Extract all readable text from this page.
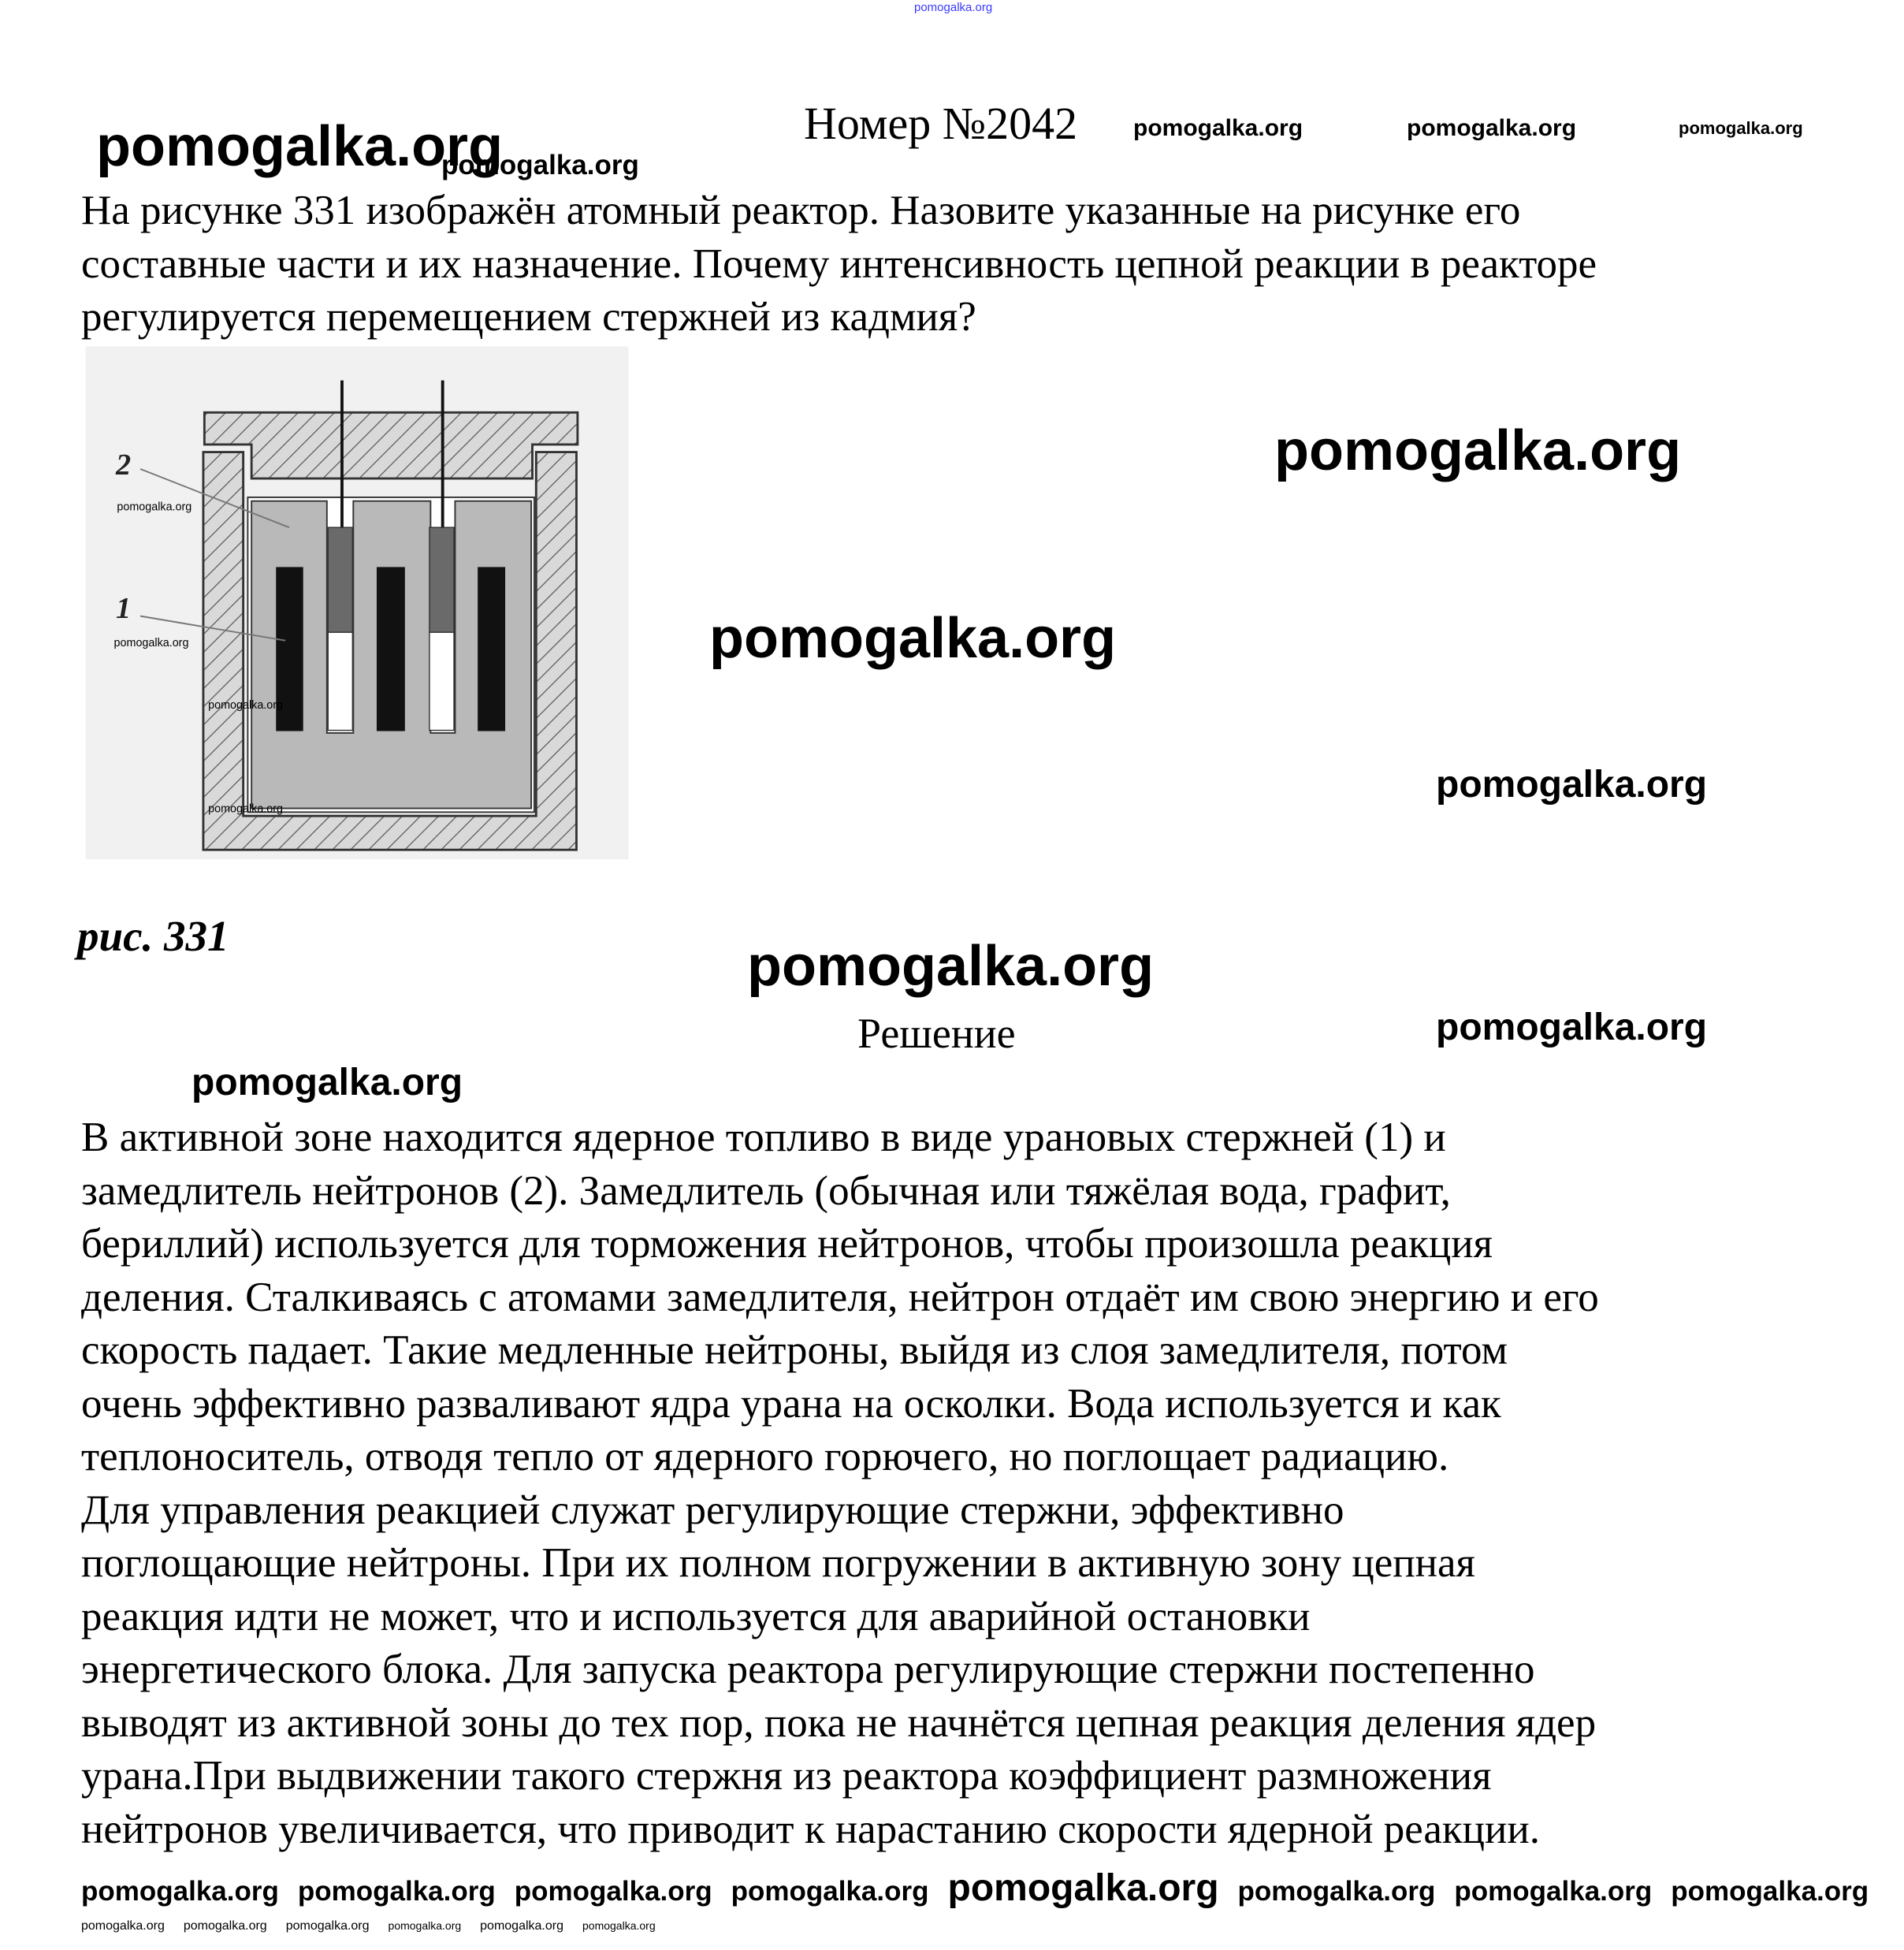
pomogalka.org
Номер №2042 pomogalka.org	pomogalka.org	pomogalka.org
pomogalka.org
pomogalka.org
На рисунке 331 изображён атомный реактор. Назовите указанные на рисунке его
составные части и их назначение. Почему интенсивность цепной реакции в реакторе
регулируется перемещением стержней из кадмия?
2
1
pomogalka.org
pomogalka.org
pomogalka.org
pomogalka.org
рис. 331
pomogalka.org
pomogalka.org
pomogalka.org
pomogalka.org
pomogalka.org
pomogalka.org
Решение
В активной зоне находится ядерное топливо в виде урановых стержней (1) и
замедлитель нейтронов (2). Замедлитель (обычная или тяжёлая вода, графит,
бериллий) используется для торможения нейтронов, чтобы произошла реакция
деления. Сталкиваясь с атомами замедлителя, нейтрон отдаёт им свою энергию и его
скорость падает. Такие медленные нейтроны, выйдя из слоя замедлителя, потом
очень эффективно разваливают ядра урана на осколки. Вода используется и как
теплоноситель, отводя тепло от ядерного горючего, но поглощает радиацию.
Для управления реакцией служат регулирующие стержни, эффективно
поглощающие нейтроны. При их полном погружении в активную зону цепная
реакция идти не может, что и используется для аварийной остановки
энергетического блока. Для запуска реактора регулирующие стержни постепенно
выводят из активной зоны до тех пор, пока не начнётся цепная реакция деления ядер
урана.При выдвижении такого стержня из реактора коэффициент размножения
нейтронов увеличивается, что приводит к нарастанию скорости ядерной реакции.
pomogalka.org pomogalka.org pomogalka.org pomogalka.org pomogalka.org pomogalka.org pomogalka.org pomogalka.org
pomogalka.org pomogalka.org pomogalka.org pomogalka.org pomogalka.org pomogalka.org
